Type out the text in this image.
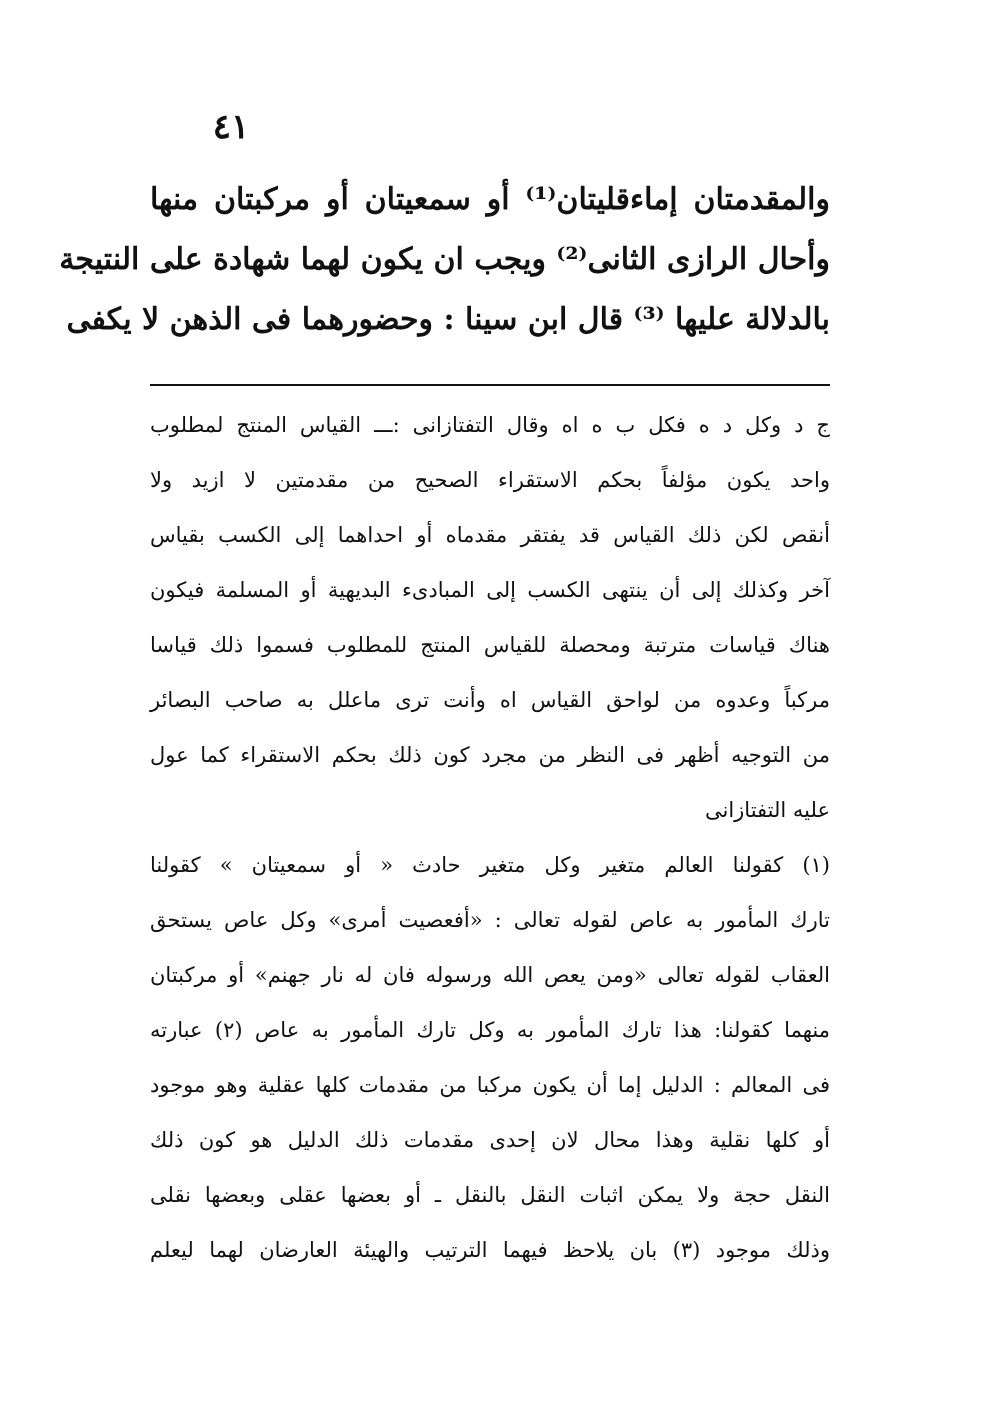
٤١
والمقدمتان إماءقليتان⁽¹⁾ أو سمعيتان أو مركبتان منها
وأحال الرازى الثانى⁽²⁾ ويجب ان يكون لهما شهادة على النتيجة
بالدلالة عليها ⁽³⁾ قال ابن سينا : وحضورهما فى الذهن لا يكفى
ج د وكل د ه فكل ب ه اه وقال التفتازانى :ـــ القياس المنتج لمطلوب
واحد يكون مؤلفاً بحكم الاستقراء الصحيح من مقدمتين لا ازيد ولا
أنقص لكن ذلك القياس قد يفتقر مقدماه أو احداهما إلى الكسب بقياس
آخر وكذلك إلى أن ينتهى الكسب إلى المبادىء البديهية أو المسلمة فيكون
هناك قياسات مترتبة ومحصلة للقياس المنتج للمطلوب فسموا ذلك قياسا
مركباً وعدوه من لواحق القياس اه وأنت ترى ماعلل به صاحب البصائر
من التوجيه أظهر فى النظر من مجرد كون ذلك بحكم الاستقراء كما عول
عليه التفتازانى
(١) كقولنا العالم متغير وكل متغير حادث « أو سمعيتان » كقولنا
تارك المأمور به عاص لقوله تعالى : «أفعصيت أمرى» وكل عاص يستحق
العقاب لقوله تعالى «ومن يعص الله ورسوله فان له نار جهنم» أو مركبتان
منهما كقولنا: هذا تارك المأمور به وكل تارك المأمور به عاص (٢) عبارته
فى المعالم : الدليل إما أن يكون مركبا من مقدمات كلها عقلية وهو موجود
أو كلها نقلية وهذا محال لان إحدى مقدمات ذلك الدليل هو كون ذلك
النقل حجة ولا يمكن اثبات النقل بالنقل ـ أو بعضها عقلى وبعضها نقلى
وذلك موجود (٣) بان يلاحظ فيهما الترتيب والهيئة العارضان لهما ليعلم
